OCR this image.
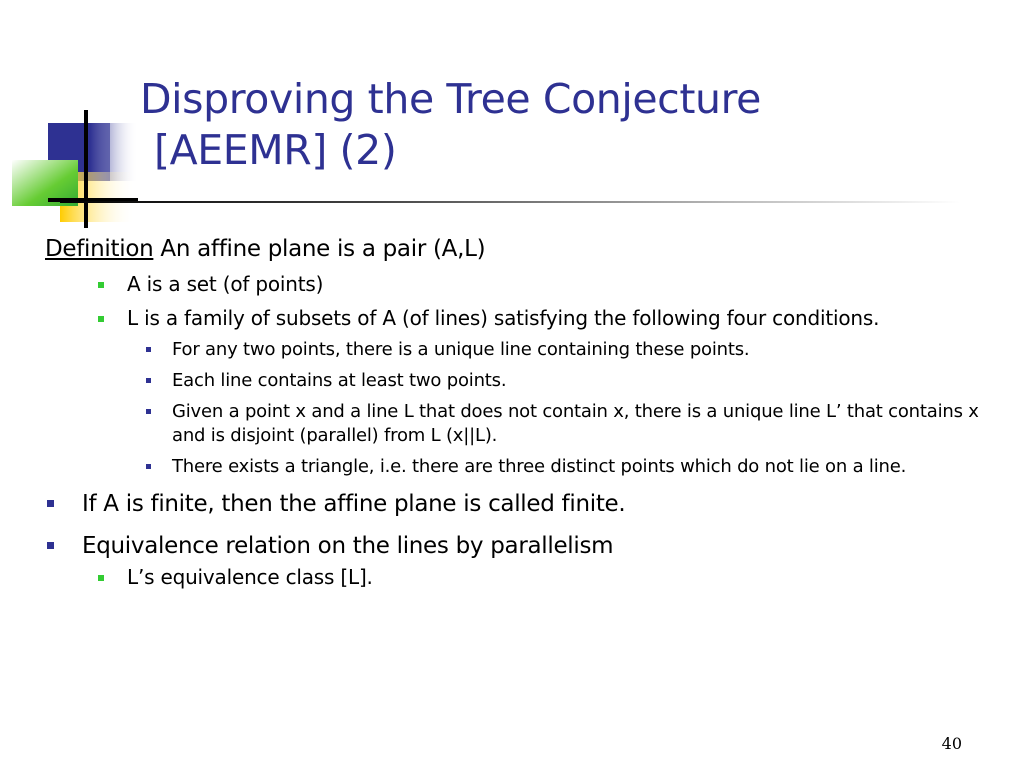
Disproving the Tree Conjecture
[AEEMR] (2)

Definition An affine plane is a pair (A,L)

A is a set (of points)
L is a family of subsets of A (of lines) satisfying the following four conditions.
For any two points, there is a unique line containing these points.
Each line contains at least two points.
Given a point x and a line L that does not contain x, there is a unique line L’ that contains x and is disjoint (parallel) from L (x||L).
There exists a triangle, i.e. there are three distinct points which do not lie on a line.
If A is finite, then the affine plane is called finite.
Equivalence relation on the lines by parallelism
L’s equivalence class [L].
40
